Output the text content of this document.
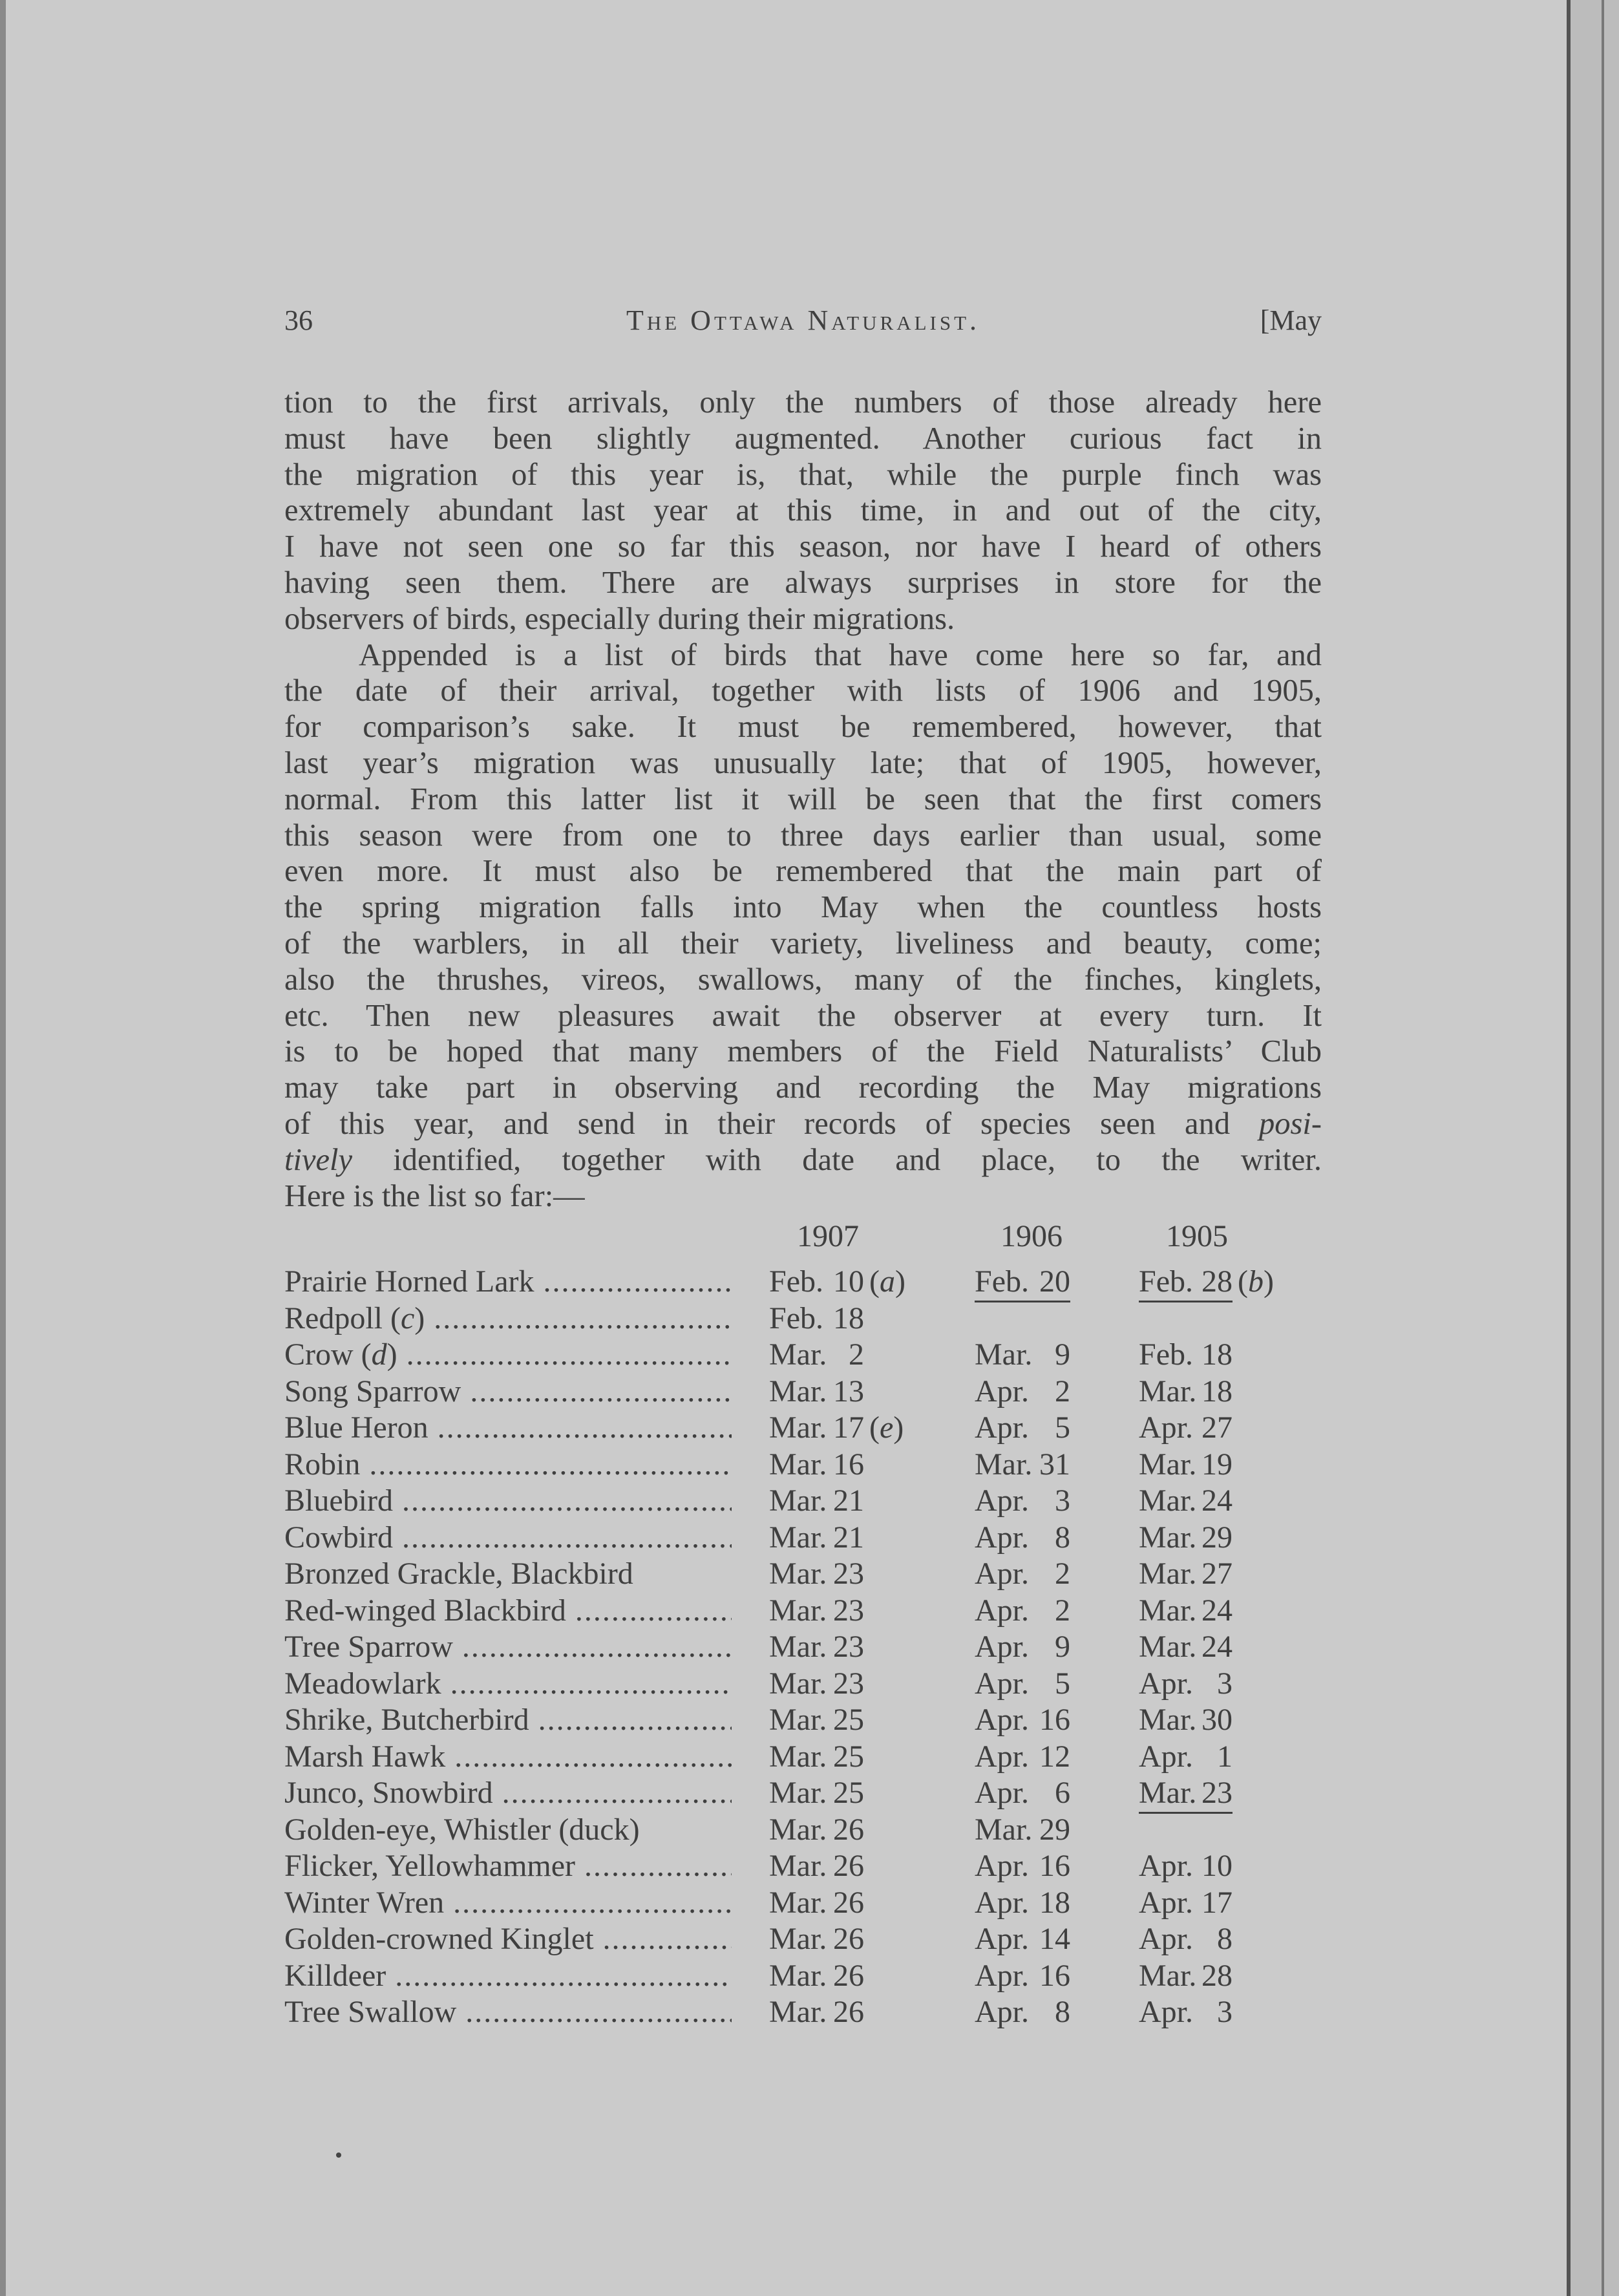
36	The Ottawa Naturalist.	[May
tion to the first arrivals, only the numbers of those already here
must have been slightly augmented. Another curious fact in
the migration of this year is, that, while the purple finch was
extremely abundant last year at this time, in and out of the city,
I have not seen one so far this season, nor have I heard of others
having seen them. There are always surprises in store for the
observers of birds, especially during their migrations.
Appended is a list of birds that have come here so far, and
the date of their arrival, together with lists of 1906 and 1905,
for comparison’s sake. It must be remembered, however, that
last year’s migration was unusually late; that of 1905, however,
normal. From this latter list it will be seen that the first comers
this season were from one to three days earlier than usual, some
even more. It must also be remembered that the main part of
the spring migration falls into May when the countless hosts
of the warblers, in all their variety, liveliness and beauty, come;
also the thrushes, vireos, swallows, many of the finches, kinglets,
etc. Then new pleasures await the observer at every turn. It
is to be hoped that many members of the Field Naturalists’ Club
may take part in observing and recording the May migrations
of this year, and send in their records of species seen and posi-
tively identified, together with date and place, to the writer.
Here is the list so far:—
1907	1906	1905
Prairie Horned Lark .....	Feb. 10 (a) Feb. 20 Feb. 28 (b)
Redpoll (c) .....	Feb. 18
Crow (d) .....	Mar. 2	Mar. 9 Feb. 18
Song Sparrow .....	Mar. 13	Apr. 2 Mar. 18
Blue Heron .....	Mar. 17 (e) Apr. 5 Apr. 27
Robin .....	Mar. 16	Mar. 31 Mar. 19
Bluebird .....	Mar. 21	Apr. 3 Mar. 24
Cowbird .....	Mar. 21	Apr. 8 Mar. 29
Bronzed Grackle, Blackbird	Mar. 23	Apr. 2 Mar. 27
Red-winged Blackbird .....	Mar. 23	Apr. 2 Mar. 24
Tree Sparrow .....	Mar. 23	Apr. 9 Mar. 24
Meadowlark .....	Mar. 23	Apr. 5 Apr. 3
Shrike, Butcherbird .....	Mar. 25	Apr. 16 Mar. 30
Marsh Hawk .....	Mar. 25	Apr. 12 Apr. 1
Junco, Snowbird .....	Mar. 25	Apr. 6 Mar. 23
Golden-eye, Whistler (duck)	Mar. 26	Mar. 29
Flicker, Yellowhammer .....	Mar. 26	Apr. 16 Apr. 10
Winter Wren .....	Mar. 26	Apr. 18 Apr. 17
Golden-crowned Kinglet .....	Mar. 26	Apr. 14 Apr. 8
Killdeer .....	Mar. 26	Apr. 16 Mar. 28
Tree Swallow .....	Mar. 26	Apr. 8 Apr. 3
